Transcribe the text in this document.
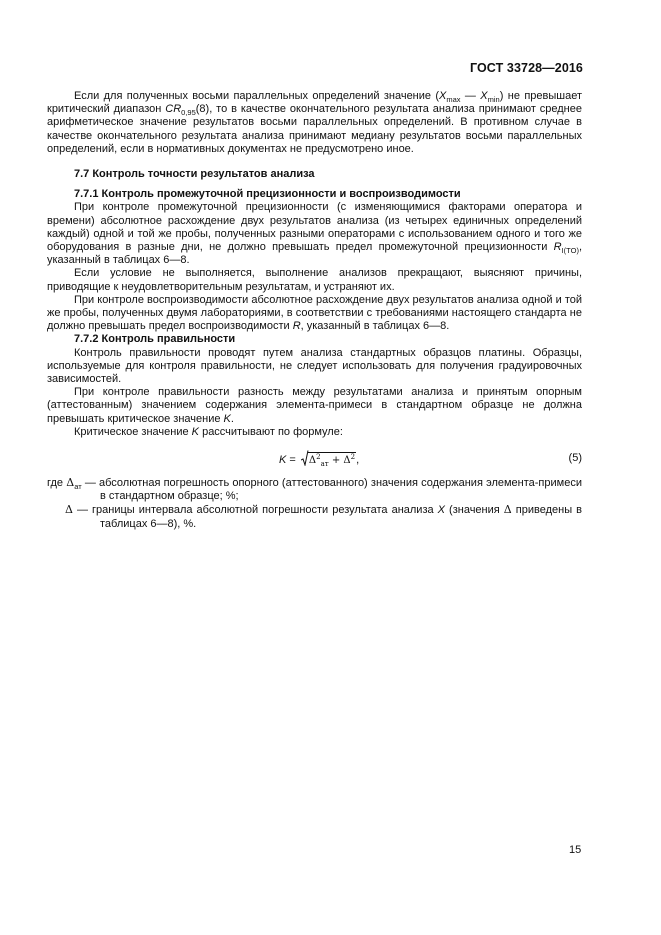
ГОСТ 33728—2016

Если для полученных восьми параллельных определений значение ($X_{max}$ — $X_{min}$) не превышает критический диапазон $CR_{0,95}(8)$, то в качестве окончательного результата анализа принимают среднее арифметическое значение результатов восьми параллельных определений. В противном случае в качестве окончательного результата анализа принимают медиану результатов восьми параллельных определений, если в нормативных документах не предусмотрено иное.

7.7 Контроль точности результатов анализа
7.7.1 Контроль промежуточной прецизионности и воспроизводимости

При контроле промежуточной прецизионности (с изменяющимися факторами оператора и времени) абсолютное расхождение двух результатов анализа (из четырех единичных определений каждый) одной и той же пробы, полученных разными операторами с использованием одного и того же оборудования в разные дни, не должно превышать предел промежуточной прецизионности $R_{I(TO)}$, указанный в таблицах 6—8.

Если условие не выполняется, выполнение анализов прекращают, выясняют причины, приводящие к неудовлетворительным результатам, и устраняют их.

При контроле воспроизводимости абсолютное расхождение двух результатов анализа одной и той же пробы, полученных двумя лабораториями, в соответствии с требованиями настоящего стандарта не должно превышать предел воспроизводимости R, указанный в таблицах 6—8.

7.7.2 Контроль правильности

Контроль правильности проводят путем анализа стандартных образцов платины. Образцы, используемые для контроля правильности, не следует использовать для получения градуировочных зависимостей.

При контроле правильности разность между результатами анализа и принятым опорным (аттестованным) значением содержания элемента-примеси в стандартном образце не должна превышать критическое значение K.

Критическое значение K рассчитывают по формуле:

K =
$\Delta^2_{ат} + \Delta^2$,	(5)
где $\Delta_{ат}$ — абсолютная погрешность опорного (аттестованного) значения содержания элемента-примеси в стандартном образце; %;
Δ — границы интервала абсолютной погрешности результата анализа X (значения Δ приведены в таблицах 6—8), %.
15
